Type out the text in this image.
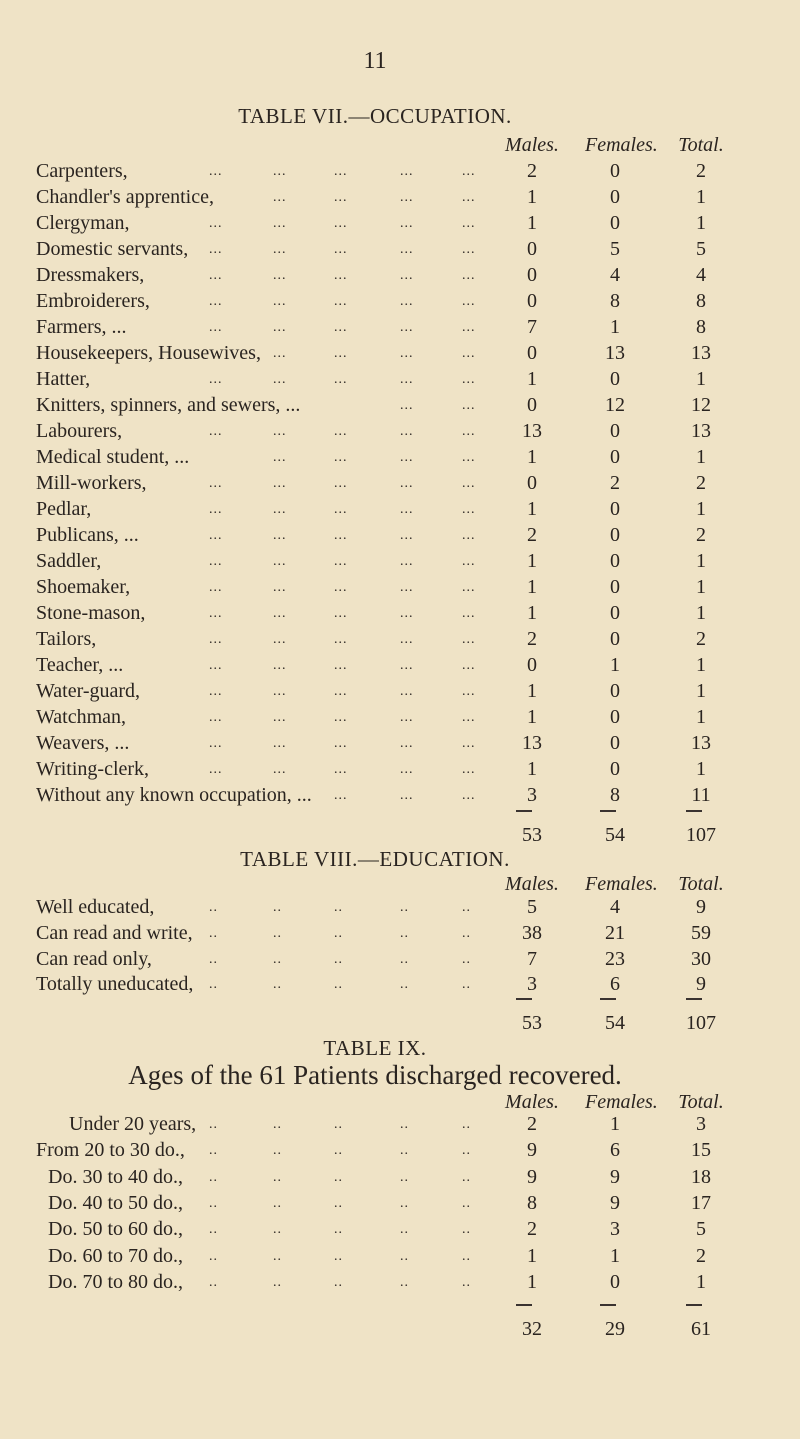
11
TABLE VII.—OCCUPATION.
Males. Females.	Total.
Carpenters,	...	...	...	...	...	2	0	2
Chandler's apprentice,	...	...	...	...	1	0	1
Clergyman,	...	...	...	...	...	1	0	1
Domestic servants, ...	...	...	...	...	0	5	5
Dressmakers,	...	...	...	...	...	0	4	4
Embroiderers,	...	...	...	...	...	0	8	8
Farmers, ...	...	...	...	...	...	7	1	8
Housekeepers, Housewives, ...	...	...	...	0	13	13
Hatter,	...	...	...	...	...	1	0	1
Knitters, spinners, and sewers, ...	...	...	0	12	12
Labourers,	...	...	...	...	...	13	0	13
Medical student, ...	...	...	...	...	1	0	1
Mill-workers,	...	...	...	...	...	0	2	2
Pedlar,	...	...	...	...	...	1	0	1
Publicans, ...	...	...	...	...	...	2	0	2
Saddler,	...	...	...	...	...	1	0	1
Shoemaker,	...	...	...	...	...	1	0	1
Stone-mason,	...	...	...	...	...	1	0	1
Tailors,	...	...	...	...	...	2	0	2
Teacher, ...	...	...	...	...	...	0	1	1
Water-guard,	...	...	...	...	...	1	0	1
Watchman,	...	...	...	...	...	1	0	1
Weavers, ...	...	...	...	...	...	13	0	13
Writing-clerk,	...	...	...	...	...	1	0	1
Without any known occupation, ... ...	...	...	3	8	11
53	54	107
TABLE VIII.—EDUCATION.
Males. Females.	Total.
Well educated,	..	..	..	..	..	5	4	9
Can read and write, ..	..	..	..	..	38	21	59
Can read only,	..	..	..	..	..	7	23	30
Totally uneducated, ..	..	..	..	..	3	6	9
53	54	107
TABLE IX.
Ages of the 61 Patients discharged recovered.
Males. Females.	Total.
Under 20 years, ..	..	..	..	..	2	1	3
From 20 to 30 do., ..	..	..	..	..	9	6	15
Do. 30 to 40 do., ..	..	..	..	..	9	9	18
Do. 40 to 50 do., ..	..	..	..	..	8	9	17
Do. 50 to 60 do., ..	..	..	..	..	2	3	5
Do. 60 to 70 do., ..	..	..	..	..	1	1	2
Do. 70 to 80 do., ..	..	..	..	..	1	0	1
32	29	61
